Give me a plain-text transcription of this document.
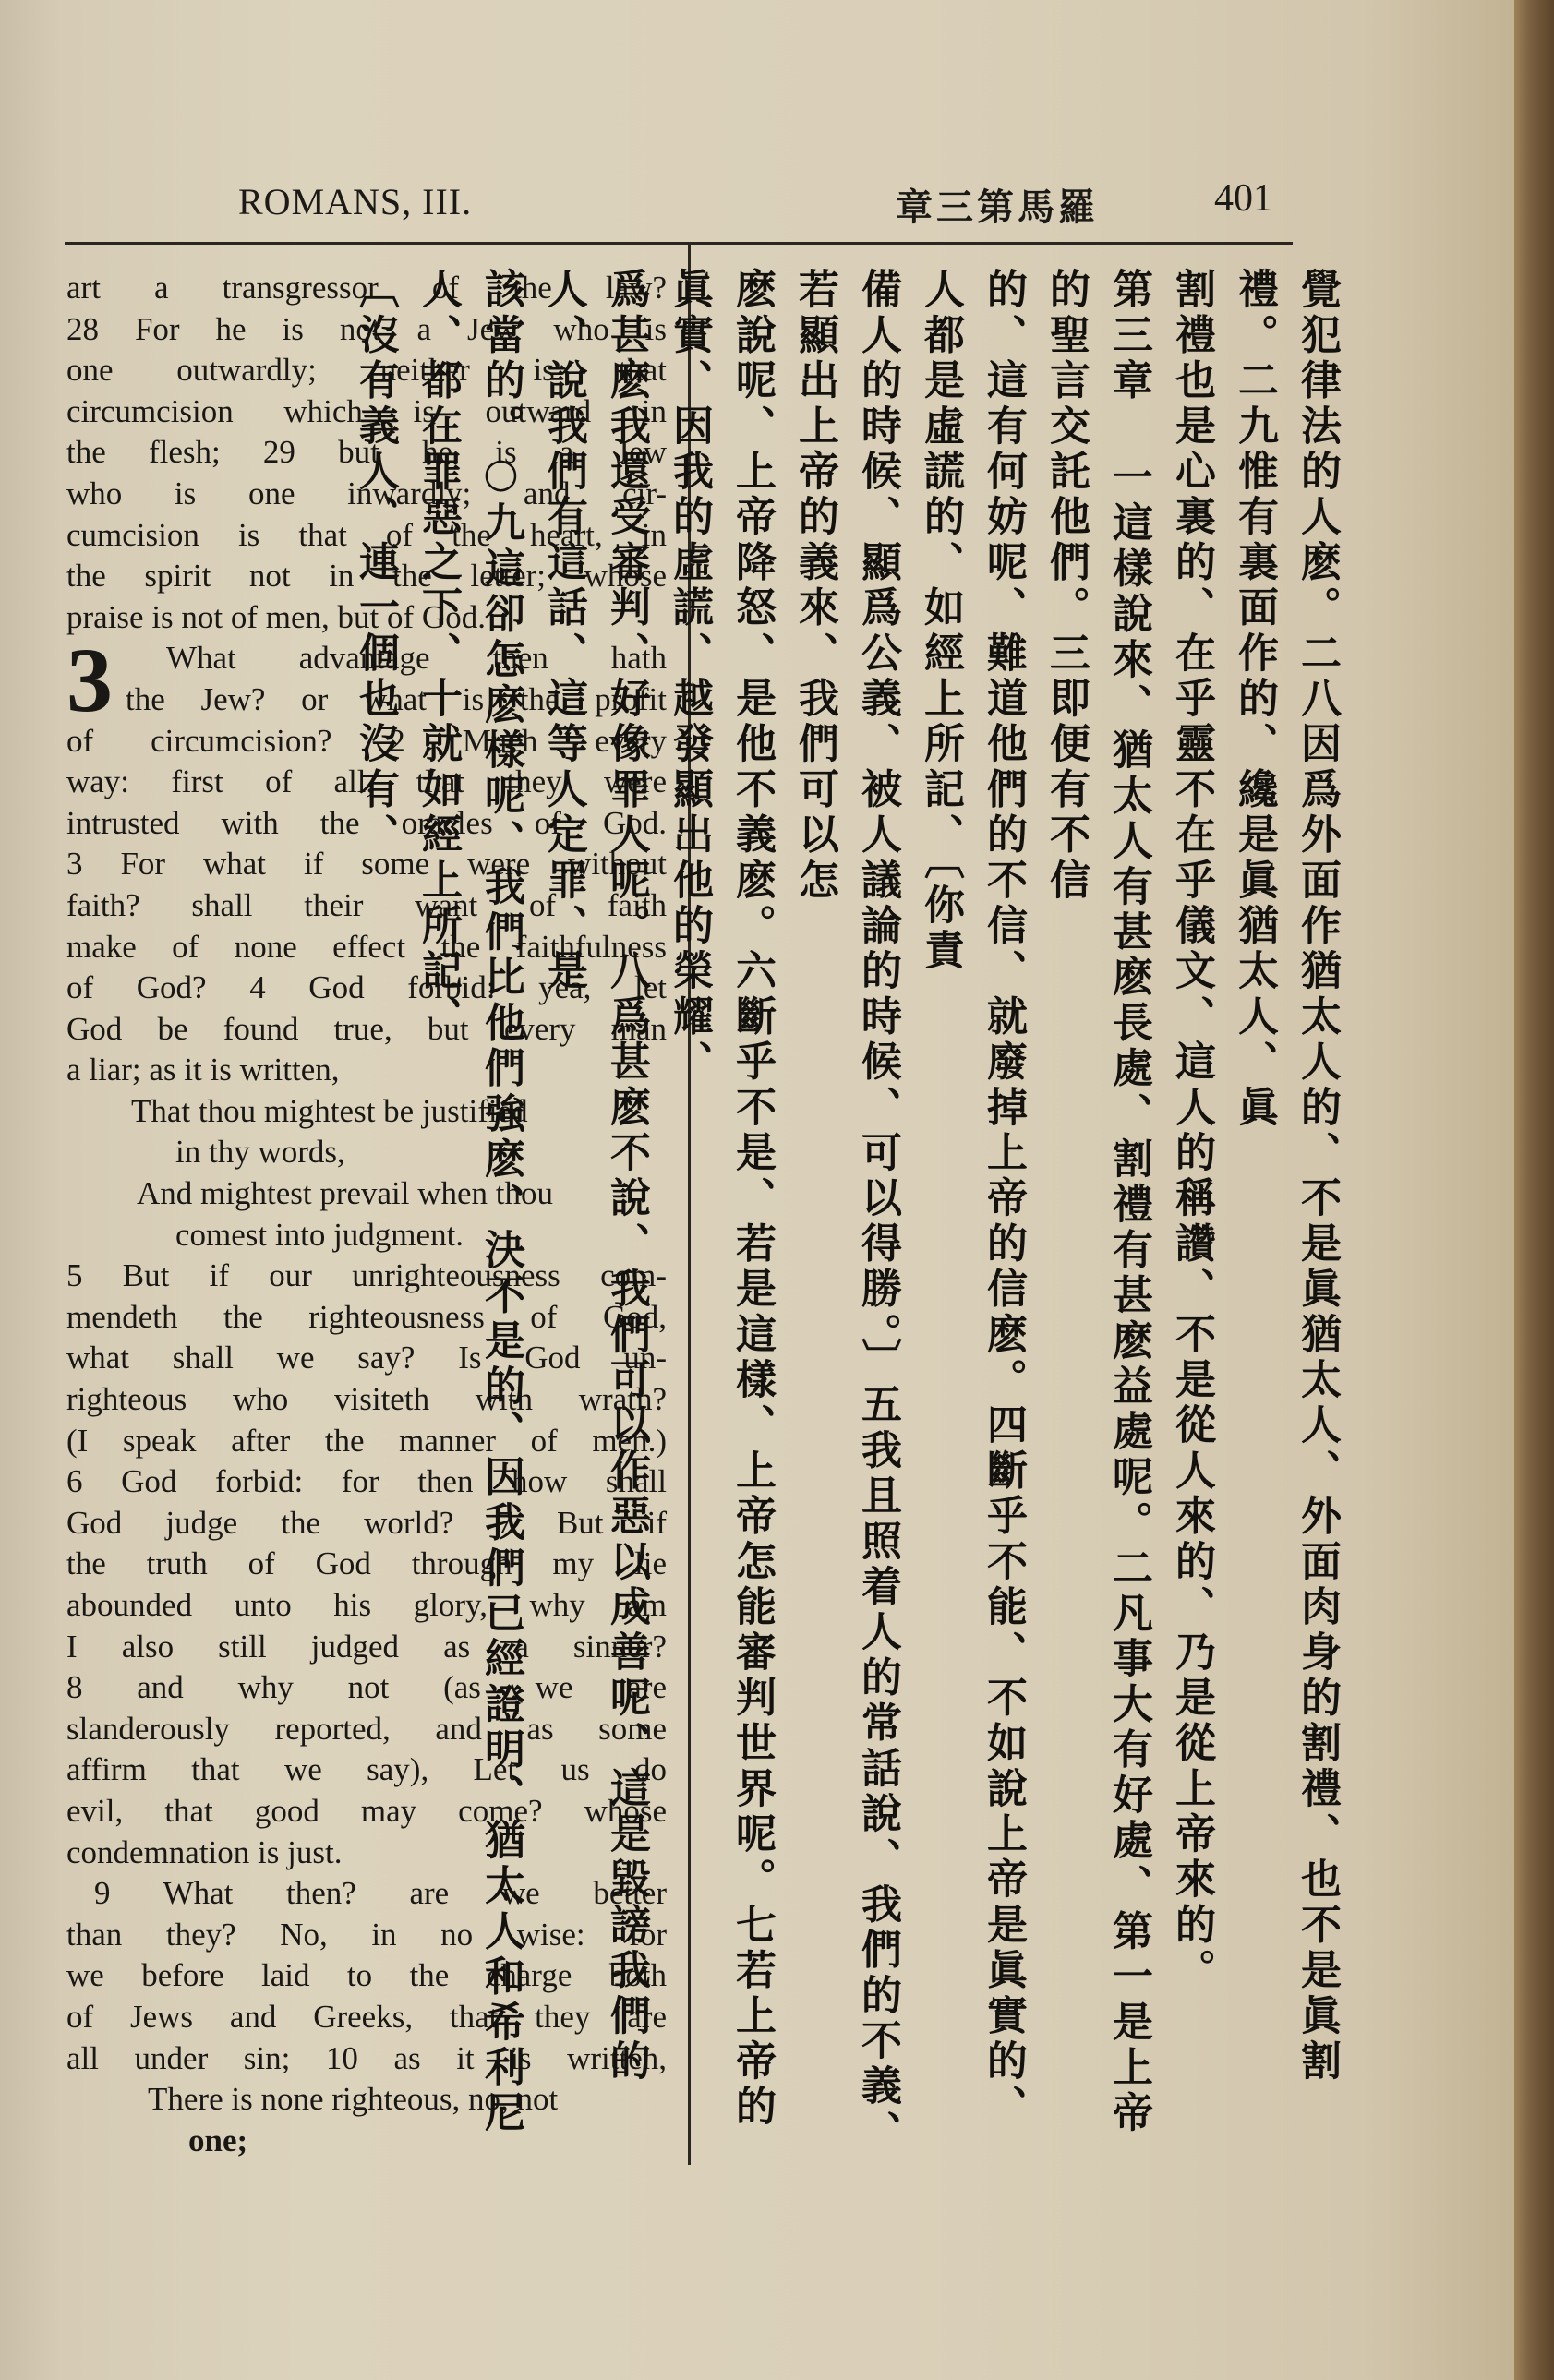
ROMANS, III.	羅馬第三章	401
art a transgressor of the law?
28 For he is not a Jew who is
one outwardly; neither is that
circumcision which is outward in
the flesh; 29 but he is a Jew
who is one inwardly; and cir-
cumcision is that of the heart, in
the spirit not in the letter; whose
praise is not of men, but of God.
3	What advantage then hath
the Jew? or what is the profit
of circumcision? 2 Much every
way: first of all, that they were
intrusted with the oracles of God.
3 For what if some were without
faith? shall their want of faith
make of none effect the faithfulness
of God? 4 God forbid: yea, let
God be found true, but every man
a liar; as it is written,
That thou mightest be justified
in thy words,
And mightest prevail when thou
comest into judgment.
5 But if our unrighteousness com-
mendeth the righteousness of God,
what shall we say? Is God un-
righteous who visiteth with wrath?
(I speak after the manner of men.)
6 God forbid: for then how shall
God judge the world? 7 But if
the truth of God through my lie
abounded unto his glory, why am
I also still judged as a sinner?
8 and why not (as we are
slanderously reported, and as some
affirm that we say), Let us do
evil, that good may come? whose
condemnation is just.
9 What then? are we better
than they? No, in no wise: for
we before laid to the charge both
of Jews and Greeks, that they are
all under sin; 10 as it is written,
There is none righteous, no, not
one;
覺犯律法的人麽。二八因爲外面作猶太人的、不是眞猶太人、外面肉身的割禮、也不是眞割禮。二九惟有裏面作的、纔是眞猶太人、眞
割禮也是心裏的、在乎靈不在乎儀文、這人的稱讚、不是從人來的、乃是從上帝來的。
第三章 一這樣說來、猶太人有甚麽長處、割禮有甚麽益處呢。二凡事大有好處、第一是上帝的聖言交託他們。三即便有不信
的、這有何妨呢、難道他們的不信、就廢掉上帝的信麽。四斷乎不能、不如說上帝是眞實的、人都是虛謊的、如經上所記、〔你責
備人的時候、顯爲公義、被人議論的時候、可以得勝。〕五我且照着人的常話說、我們的不義、若顯出上帝的義來、我們可以怎
麽說呢、上帝降怒、是他不義麽。六斷乎不是、若是這樣、上帝怎能審判世界呢。七若上帝的眞實、因我的虛謊、越發顯出他的榮耀、
爲甚麽我還受審判、好像罪人呢。八爲甚麽不說、我們可以作惡以成善呢、這是毀謗我們的人、說我們有這話、這等人定罪、是
該當的。○九這卻怎麽樣呢、我們比他們強麽、決不是的、因我們已經證明、猶太人和希利尼人、都在罪惡之下、十就如經上所記、
〔沒有義人、連一個也沒有、
